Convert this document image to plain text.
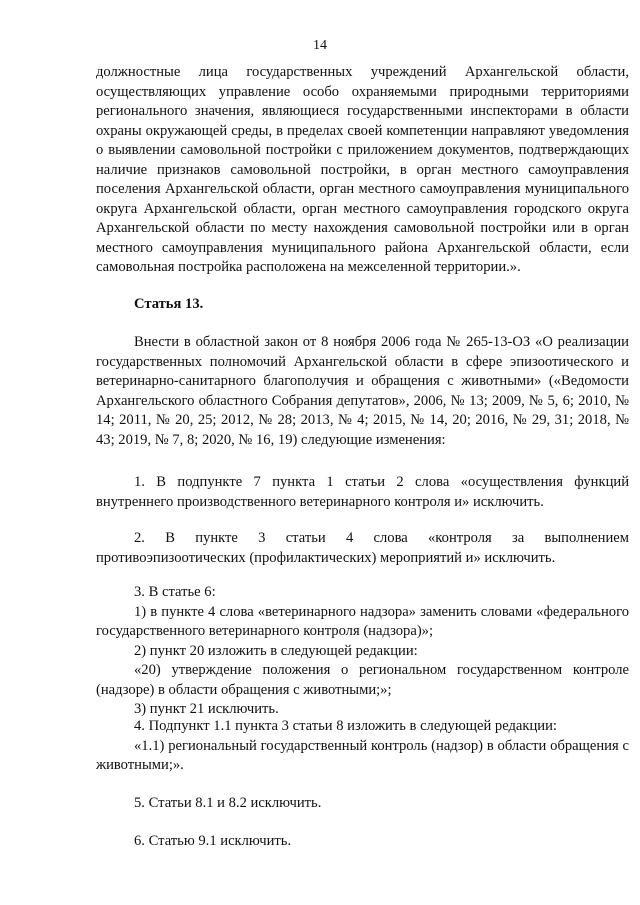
14

должностные лица государственных учреждений Архангельской области, осуществляющих управление особо охраняемыми природными территориями регионального значения, являющиеся государственными инспекторами в области охраны окружающей среды, в пределах своей компетенции направляют уведомления о выявлении самовольной постройки с приложением документов, подтверждающих наличие признаков самовольной постройки, в орган местного самоуправления поселения Архангельской области, орган местного самоуправления муниципального округа Архангельской области, орган местного самоуправления городского округа Архангельской области по месту нахождения самовольной постройки или в орган местного самоуправления муниципального района Архангельской области, если самовольная постройка расположена на межселенной территории.».

Статья 13.

Внести в областной закон от 8 ноября 2006 года № 265-13-ОЗ «О реализации государственных полномочий Архангельской области в сфере эпизоотического и ветеринарно-санитарного благополучия и обращения с животными» («Ведомости Архангельского областного Собрания депутатов», 2006, № 13; 2009, № 5, 6; 2010, № 14; 2011, № 20, 25; 2012, № 28; 2013, № 4; 2015, № 14, 20; 2016, № 29, 31; 2018, № 43; 2019, № 7, 8; 2020, № 16, 19) следующие изменения:

1. В подпункте 7 пункта 1 статьи 2 слова «осуществления функций внутреннего производственного ветеринарного контроля и» исключить.

2. В пункте 3 статьи 4 слова «контроля за выполнением противоэпизоотических (профилактических) мероприятий и» исключить.

3. В статье 6:

1) в пункте 4 слова «ветеринарного надзора» заменить словами «федерального государственного ветеринарного контроля (надзора)»;

2) пункт 20 изложить в следующей редакции:

«20) утверждение положения о региональном государственном контроле (надзоре) в области обращения с животными;»;

3) пункт 21 исключить.

4. Подпункт 1.1 пункта 3 статьи 8 изложить в следующей редакции:

«1.1) региональный государственный контроль (надзор) в области обращения с животными;».

5. Статьи 8.1 и 8.2 исключить.

6. Статью 9.1 исключить.
